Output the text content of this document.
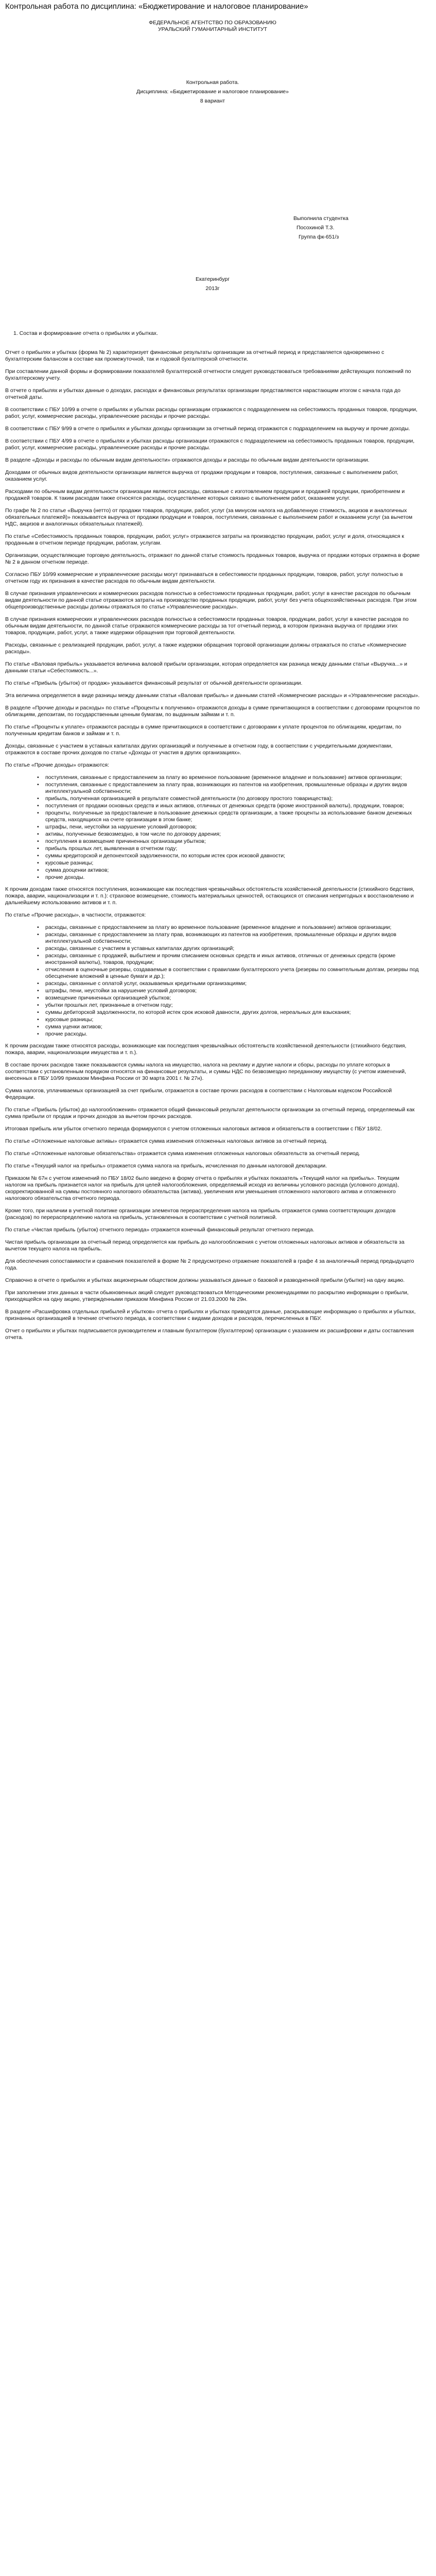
Контрольная работа по дисциплина: «Бюджетирование и налоговое планирование»

ФЕДЕРАЛЬНОЕ АГЕНТСТВО ПО ОБРАЗОВАНИЮ

УРАЛЬСКИЙ ГУМАНИТАРНЫЙ ИНСТИТУТ

Контрольная работа.

Дисциплина: «Бюджетирование и налоговое планирование»

8 вариант

Выполнила студентка

Посохиной Т.З.

Группа фк-651/з

Екатеринбург

2013г

1. Состав и формирование отчета о прибылях и убытках.

Отчет о прибылях и убытках (форма № 2) характеризует финансовые результаты организации за отчетный период и представляется одновременно с бухгалтерским балансом в составе как промежуточной, так и годовой бухгалтерской отчетности.

При составлении данной формы и формировании показателей бухгалтерской отчетности следует руководствоваться требованиями действующих положений по бухгалтерскому учету.

В отчете о прибылях и убытках данные о доходах, расходах и финансовых результатах организации представляются нарастающим итогом с начала года до отчетной даты.

В соответствии с ПБУ 10/99 в отчете о прибылях и убытках расходы организации отражаются с подразделением на себестоимость проданных товаров, продукции, работ, услуг, коммерческие расходы, управленческие расходы и прочие расходы.

В соответствии с ПБУ 9/99 в отчете о прибылях и убытках доходы организации за отчетный период отражаются с подразделением на выручку и прочие доходы.

В соответствии с ПБУ 4/99 в отчете о прибылях и убытках расходы организации отражаются с подразделением на себестоимость проданных товаров, продукции, работ, услуг, коммерческие расходы, управленческие расходы и прочие расходы.

В разделе «Доходы и расходы по обычным видам деятельности» отражаются доходы и расходы по обычным видам деятельности организации.

Доходами от обычных видов деятельности организации является выручка от продажи продукции и товаров, поступления, связанные с выполнением работ, оказанием услуг.

Расходами по обычным видам деятельности организации являются расходы, связанные с изготовлением продукции и продажей продукции, приобретением и продажей товаров. К таким расходам также относятся расходы, осуществление которых связано с выполнением работ, оказанием услуг.

По графе № 2 по статье «Выручка (нетто) от продажи товаров, продукции, работ, услуг (за минусом налога на добавленную стоимость, акцизов и аналогичных обязательных платежей)» показывается выручка от продажи продукции и товаров, поступления, связанные с выполнением работ и оказанием услуг (за вычетом НДС, акцизов и аналогичных обязательных платежей).

По статье «Себестоимость проданных товаров, продукции, работ, услуг» отражаются затраты на производство продукции, работ, услуг и доля, относящаяся к проданным в отчетном периоде продукции, работам, услугам.

Организации, осуществляющие торговую деятельность, отражают по данной статье стоимость проданных товаров, выручка от продажи которых отражена в форме № 2 в данном отчетном периоде.

Согласно ПБУ 10/99 коммерческие и управленческие расходы могут признаваться в себестоимости проданных продукции, товаров, работ, услуг полностью в отчетном году их признания в качестве расходов по обычным видам деятельности.

В случае признания управленческих и коммерческих расходов полностью в себестоимости проданных продукции, работ, услуг в качестве расходов по обычным видам деятельности по данной статье отражаются затраты на производство проданных продукции, работ, услуг без учета общехозяйственных расходов. При этом общепроизводственные расходы должны отражаться по статье «Управленческие расходы».

В случае признания коммерческих и управленческих расходов полностью в себестоимости проданных товаров, продукции, работ, услуг в качестве расходов по обычным видам деятельности, по данной статье отражаются коммерческие расходы за тот отчетный период, в котором признана выручка от продажи этих товаров, продукции, работ, услуг, а также издержки обращения при торговой деятельности.

Расходы, связанные с реализацией продукции, работ, услуг, а также издержки обращения торговой организации должны отражаться по статье «Коммерческие расходы».

По статье «Валовая прибыль» указывается величина валовой прибыли организации, которая определяется как разница между данными статьи «Выручка...» и данными статьи «Себестоимость...».

По статье «Прибыль (убыток) от продаж» указывается финансовый результат от обычной деятельности организации.

Эта величина определяется в виде разницы между данными статьи «Валовая прибыль» и данными статей «Коммерческие расходы» и «Управленческие расходы».

В разделе «Прочие доходы и расходы» по статье «Проценты к получению» отражаются доходы в сумме причитающихся в соответствии с договорами процентов по облигациям, депозитам, по государственным ценным бумагам, по выданным займам и т. п.

По статье «Проценты к уплате» отражаются расходы в сумме причитающихся в соответствии с договорами к уплате процентов по облигациям, кредитам, по полученным кредитам банков и займам и т. п.

Доходы, связанные с участием в уставных капиталах других организаций и полученные в отчетном году, в соответствии с учредительными документами, отражаются в составе прочих доходов по статье «Доходы от участия в других организациях».

По статье «Прочие доходы» отражаются:

• поступления, связанные с предоставлением за плату во временное пользование (временное владение и пользование) активов организации;
• поступления, связанные с предоставлением за плату прав, возникающих из патентов на изобретения, промышленные образцы и других видов интеллектуальной собственности;
• прибыль, полученная организацией в результате совместной деятельности (по договору простого товарищества);
• поступления от продажи основных средств и иных активов, отличных от денежных средств (кроме иностранной валюты), продукции, товаров;
• проценты, полученные за предоставление в пользование денежных средств организации, а также проценты за использование банком денежных средств, находящихся на счете организации в этом банке;
• штрафы, пени, неустойки за нарушение условий договоров;
• активы, полученные безвозмездно, в том числе по договору дарения;
• поступления в возмещение причиненных организации убытков;
• прибыль прошлых лет, выявленная в отчетном году;
• суммы кредиторской и депонентской задолженности, по которым истек срок исковой давности;
• курсовые разницы;
• сумма дооценки активов;
• прочие доходы.

К прочим доходам также относятся поступления, возникающие как последствия чрезвычайных обстоятельств хозяйственной деятельности (стихийного бедствия, пожара, аварии, национализации и т. п.): страховое возмещение, стоимость материальных ценностей, остающихся от списания непригодных к восстановлению и дальнейшему использованию активов и т. п.

По статье «Прочие расходы», в частности, отражаются:

• расходы, связанные с предоставлением за плату во временное пользование (временное владение и пользование) активов организации;
• расходы, связанные с предоставлением за плату прав, возникающих из патентов на изобретения, промышленные образцы и других видов интеллектуальной собственности;
• расходы, связанные с участием в уставных капиталах других организаций;
• расходы, связанные с продажей, выбытием и прочим списанием основных средств и иных активов, отличных от денежных средств (кроме иностранной валюты), товаров, продукции;
• отчисления в оценочные резервы, создаваемые в соответствии с правилами бухгалтерского учета (резервы по сомнительным долгам, резервы под обесценение вложений в ценные бумаги и др.);
• расходы, связанные с оплатой услуг, оказываемых кредитными организациями;
• штрафы, пени, неустойки за нарушение условий договоров;
• возмещение причиненных организацией убытков;
• убытки прошлых лет, признанные в отчетном году;
• суммы дебиторской задолженности, по которой истек срок исковой давности, других долгов, нереальных для взыскания;
• курсовые разницы;
• сумма уценки активов;
• прочие расходы.

К прочим расходам также относятся расходы, возникающие как последствия чрезвычайных обстоятельств хозяйственной деятельности (стихийного бедствия, пожара, аварии, национализации имущества и т. п.).

В составе прочих расходов также показываются суммы налога на имущество, налога на рекламу и другие налоги и сборы, расходы по уплате которых в соответствии с установленным порядком относятся на финансовые результаты, и суммы НДС по безвозмездно переданному имуществу (с учетом изменений, внесенных в ПБУ 10/99 приказом Минфина России от 30 марта 2001 г. № 27н).

Сумма налогов, уплачиваемых организацией за счет прибыли, отражается в составе прочих расходов в соответствии с Налоговым кодексом Российской Федерации.

По статье «Прибыль (убыток) до налогообложения» отражается общий финансовый результат деятельности организации за отчетный период, определяемый как сумма прибыли от продаж и прочих доходов за вычетом прочих расходов.

Итоговая прибыль или убыток отчетного периода формируются с учетом отложенных налоговых активов и обязательств в соответствии с ПБУ 18/02.

По статье «Отложенные налоговые активы» отражается сумма изменения отложенных налоговых активов за отчетный период.

По статье «Отложенные налоговые обязательства» отражается сумма изменения отложенных налоговых обязательств за отчетный период.

По статье «Текущий налог на прибыль» отражается сумма налога на прибыль, исчисленная по данным налоговой декларации.

Приказом № 67н с учетом изменений по ПБУ 18/02 было введено в форму отчета о прибылях и убытках показатель «Текущий налог на прибыль». Текущим налогом на прибыль признается налог на прибыль для целей налогообложения, определяемый исходя из величины условного расхода (условного дохода), скорректированной на суммы постоянного налогового обязательства (актива), увеличения или уменьшения отложенного налогового актива и отложенного налогового обязательства отчетного периода.

Кроме того, при наличии в учетной политике организации элементов перераспределения налога на прибыль отражается сумма соответствующих доходов (расходов) по перераспределению налога на прибыль, установленных в соответствии с учетной политикой.

По статье «Чистая прибыль (убыток) отчетного периода» отражается конечный финансовый результат отчетного периода.

Чистая прибыль организации за отчетный период определяется как прибыль до налогообложения с учетом отложенных налоговых активов и обязательств за вычетом текущего налога на прибыль.

Для обеспечения сопоставимости и сравнения показателей в форме № 2 предусмотрено отражение показателей в графе 4 за аналогичный период предыдущего года.

Справочно в отчете о прибылях и убытках акционерным обществом должны указываться данные о базовой и разводненной прибыли (убытке) на одну акцию.

При заполнении этих данных в части обыкновенных акций следует руководствоваться Методическими рекомендациями по раскрытию информации о прибыли, приходящейся на одну акцию, утвержденными приказом Минфина России от 21.03.2000 № 29н.

В разделе «Расшифровка отдельных прибылей и убытков» отчета о прибылях и убытках приводятся данные, раскрывающие информацию о прибылях и убытках, признанных организацией в течение отчетного периода, в соответствии с видами доходов и расходов, перечисленных в ПБУ.

Отчет о прибылях и убытках подписывается руководителем и главным бухгалтером (бухгалтером) организации с указанием их расшифровки и даты составления отчета.
